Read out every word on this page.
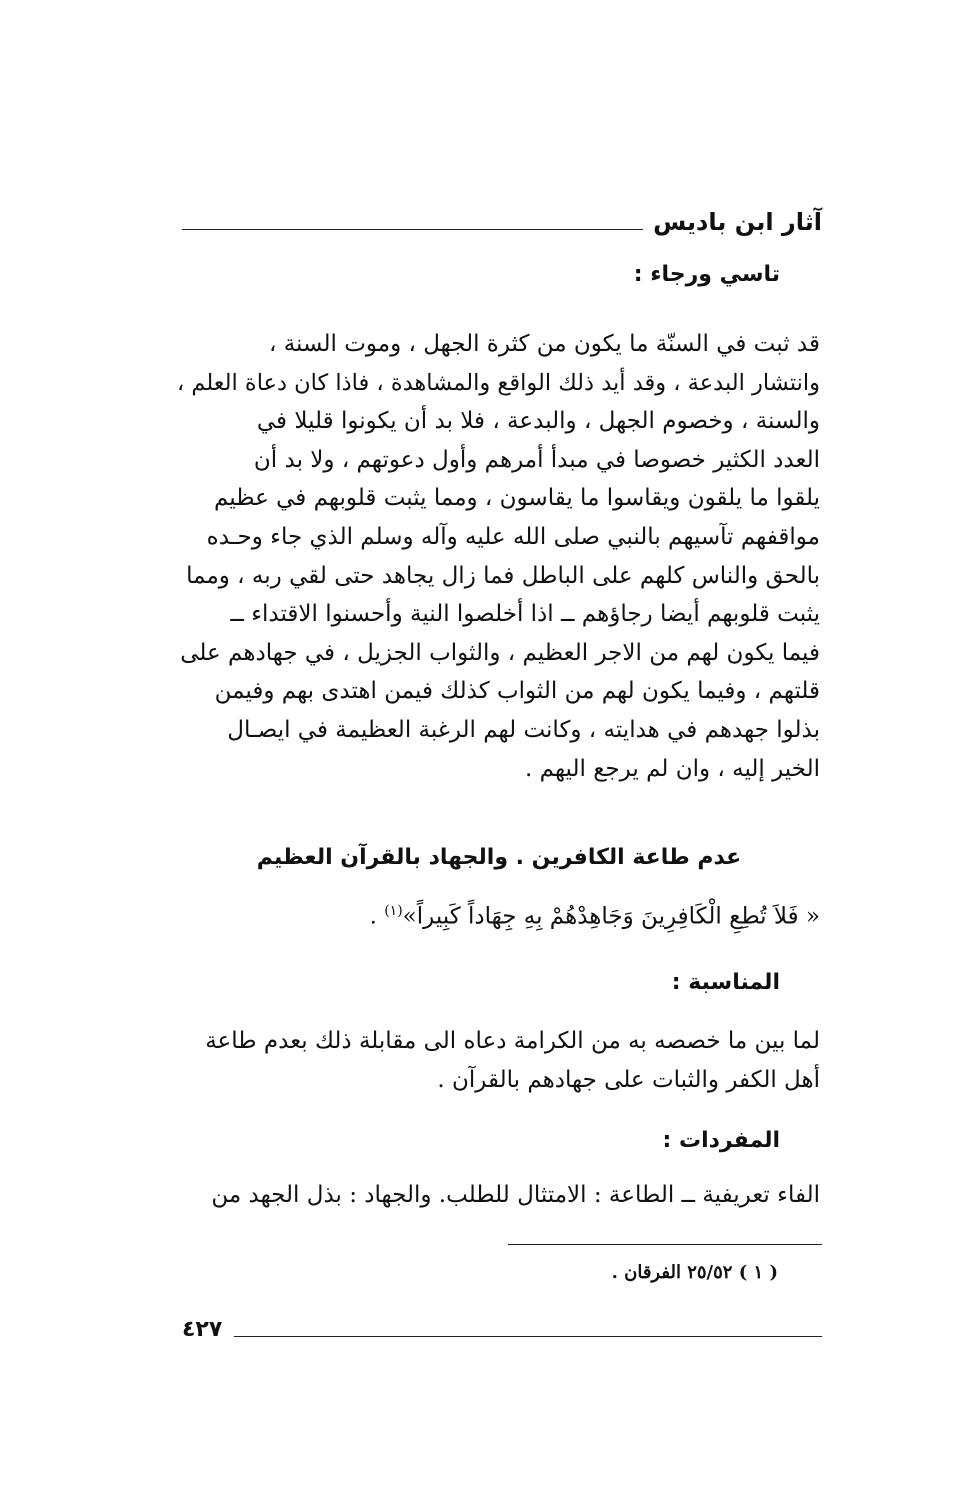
آثار ابن باديس
تاسي ورجاء :
قد ثبت في السنّة ما يكون من كثرة الجهل ، وموت السنة ،
وانتشار البدعة ، وقد أيد ذلك الواقع والمشاهدة ، فاذا كان دعاة العلم ،
والسنة ، وخصوم الجهل ، والبدعة ، فلا بد أن يكونوا قليلا في
العدد الكثير خصوصا في مبدأ أمرهم وأول دعوتهم ، ولا بد أن
يلقوا ما يلقون ويقاسوا ما يقاسون ، ومما يثبت قلوبهم في عظيم
مواقفهم تآسيهم بالنبي صلى الله عليه وآله وسلم الذي جاء وحـده
بالحق والناس كلهم على الباطل فما زال يجاهد حتى لقي ربه ، ومما
يثبت قلوبهم أيضا رجاؤهم ــ اذا أخلصوا النية وأحسنوا الاقتداء ــ
فيما يكون لهم من الاجر العظيم ، والثواب الجزيل ، في جهادهم على
قلتهم ، وفيما يكون لهم من الثواب كذلك فيمن اهتدى بهم وفيمن
بذلوا جهدهم في هدايته ، وكانت لهم الرغبة العظيمة في ايصـال
الخير إليه ، وان لم يرجع اليهم .
عدم طاعة الكافرين . والجهاد بالقرآن العظيم
« فَلاَ تُطِعِ الْكَافِرِينَ وَجَاهِدْهُمْ بِهِ جِهَاداً كَبِيراً»$^{(١)}$ .
المناسبة :
لما بين ما خصصه به من الكرامة دعاه الى مقابلة ذلك بعدم طاعة
أهل الكفر والثبات على جهادهم بالقرآن .
المفردات :
الفاء تعريفية ــ الطاعة : الامتثال للطلب. والجهاد : بذل الجهد من
( ١ ) ٢٥/٥٢ الفرقان .
٤٢٧
